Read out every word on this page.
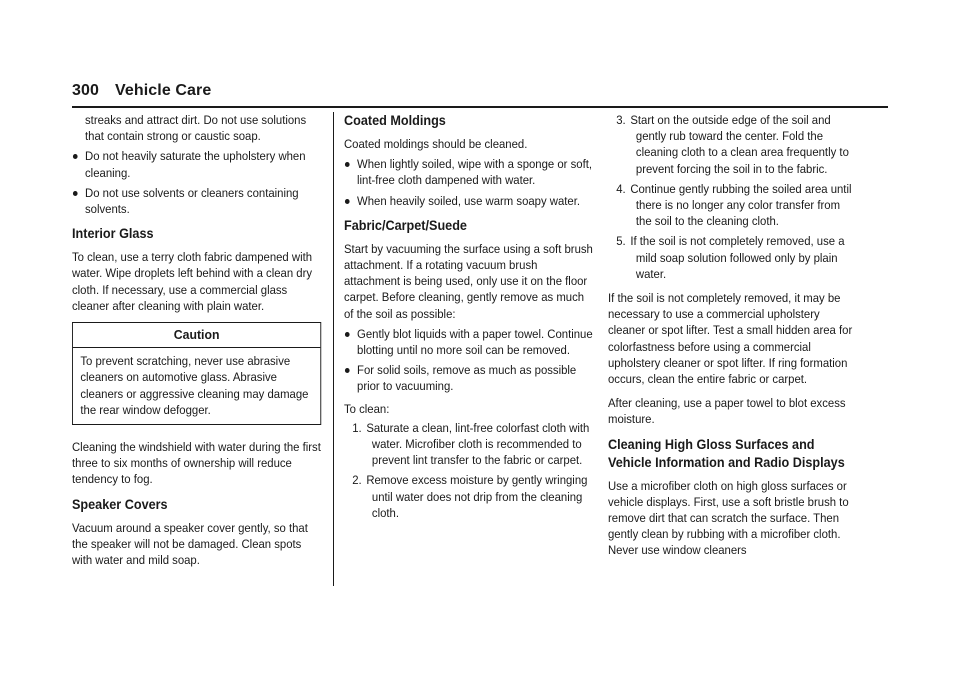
300 Vehicle Care

streaks and attract dirt. Do not use solutions that contain strong or caustic soap.

Do not heavily saturate the upholstery when cleaning.
Do not use solvents or cleaners containing solvents.
Interior Glass

To clean, use a terry cloth fabric dampened with water. Wipe droplets left behind with a clean dry cloth. If necessary, use a commercial glass cleaner after cleaning with plain water.

Caution
To prevent scratching, never use abrasive cleaners on automotive glass. Abrasive cleaners or aggressive cleaning may damage the rear window defogger.

Cleaning the windshield with water during the first three to six months of ownership will reduce tendency to fog.

Speaker Covers

Vacuum around a speaker cover gently, so that the speaker will not be damaged. Clean spots with water and mild soap.

Coated Moldings

Coated moldings should be cleaned.

When lightly soiled, wipe with a sponge or soft, lint-free cloth dampened with water.
When heavily soiled, use warm soapy water.
Fabric/Carpet/Suede

Start by vacuuming the surface using a soft brush attachment. If a rotating vacuum brush attachment is being used, only use it on the floor carpet. Before cleaning, gently remove as much of the soil as possible:

Gently blot liquids with a paper towel. Continue blotting until no more soil can be removed.
For solid soils, remove as much as possible prior to vacuuming.

To clean:

1. Saturate a clean, lint-free colorfast cloth with water. Microfiber cloth is recommended to prevent lint transfer to the fabric or carpet.
2. Remove excess moisture by gently wringing until water does not drip from the cleaning cloth.
3. Start on the outside edge of the soil and gently rub toward the center. Fold the cleaning cloth to a clean area frequently to prevent forcing the soil in to the fabric.
4. Continue gently rubbing the soiled area until there is no longer any color transfer from the soil to the cleaning cloth.
5. If the soil is not completely removed, use a mild soap solution followed only by plain water.

If the soil is not completely removed, it may be necessary to use a commercial upholstery cleaner or spot lifter. Test a small hidden area for colorfastness before using a commercial upholstery cleaner or spot lifter. If ring formation occurs, clean the entire fabric or carpet.

After cleaning, use a paper towel to blot excess moisture.

Cleaning High Gloss Surfaces and Vehicle Information and Radio Displays

Use a microfiber cloth on high gloss surfaces or vehicle displays. First, use a soft bristle brush to remove dirt that can scratch the surface. Then gently clean by rubbing with a microfiber cloth. Never use window cleaners
